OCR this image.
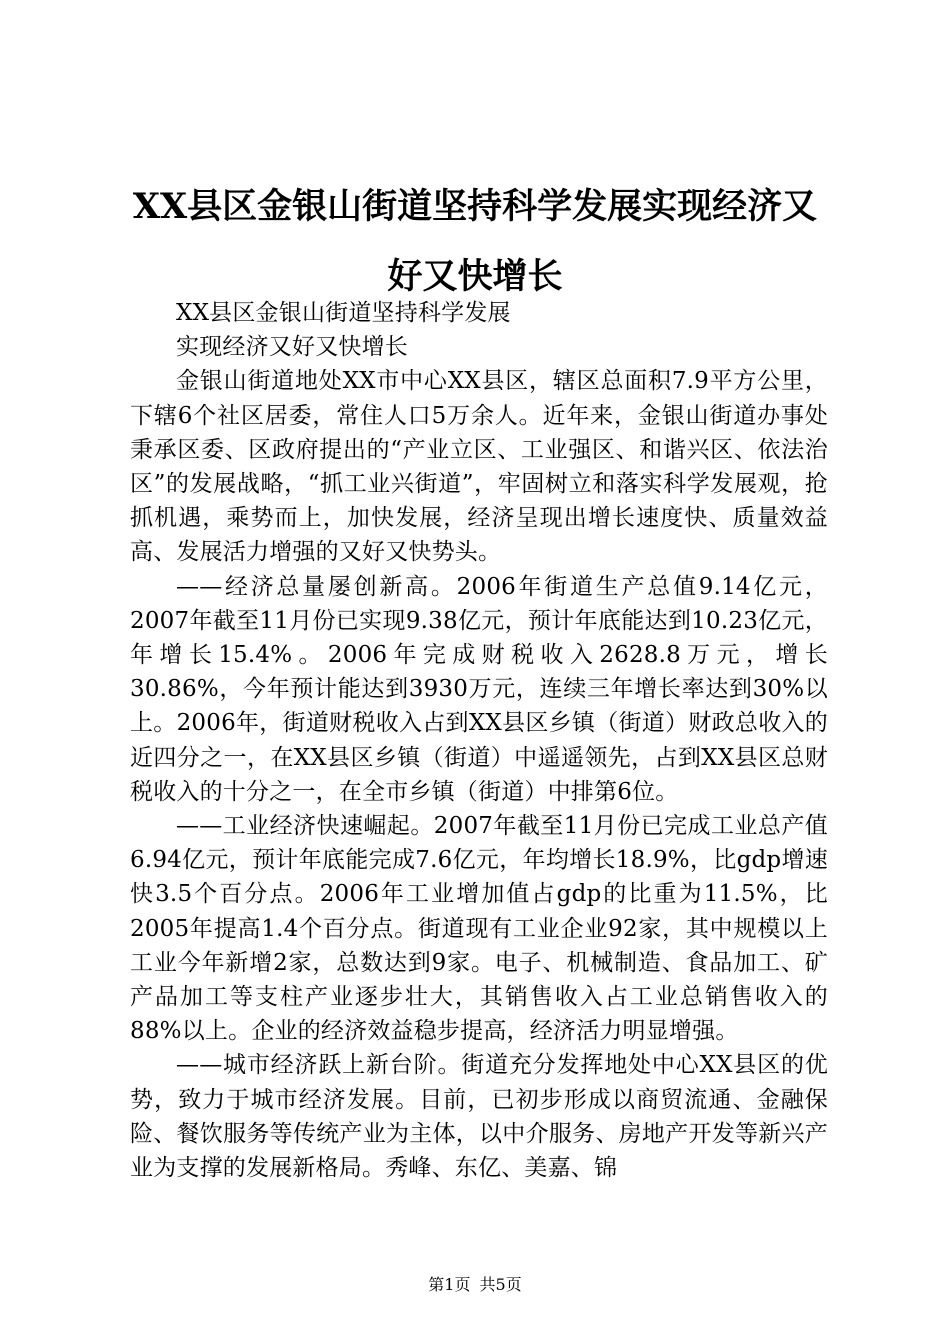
XX县区金银山街道坚持科学发展实现经济又
好又快增长

XX县区金银山街道坚持科学发展

实现经济又好又快增长

金银山街道地处XX市中心XX县区，辖区总面积7.9平方公里，下辖6个社区居委，常住人口5万余人。近年来，金银山街道办事处秉承区委、区政府提出的“产业立区、工业强区、和谐兴区、依法治区”的发展战略，“抓工业兴街道”，牢固树立和落实科学发展观，抢抓机遇，乘势而上，加快发展，经济呈现出增长速度快、质量效益高、发展活力增强的又好又快势头。

——经济总量屡创新高。2006年街道生产总值9.14亿元，2007年截至11月份已实现9.38亿元，预计年底能达到10.23亿元，年增长15.4%。2006年完成财税收入2628.8万元，增长30.86%，今年预计能达到3930万元，连续三年增长率达到30%以上。2006年，街道财税收入占到XX县区乡镇（街道）财政总收入的近四分之一，在XX县区乡镇（街道）中遥遥领先，占到XX县区总财税收入的十分之一，在全市乡镇（街道）中排第6位。

——工业经济快速崛起。2007年截至11月份已完成工业总产值6.94亿元，预计年底能完成7.6亿元，年均增长18.9%，比gdp增速快3.5个百分点。2006年工业增加值占gdp的比重为11.5%，比2005年提高1.4个百分点。街道现有工业企业92家，其中规模以上工业今年新增2家，总数达到9家。电子、机械制造、食品加工、矿产品加工等支柱产业逐步壮大，其销售收入占工业总销售收入的88%以上。企业的经济效益稳步提高，经济活力明显增强。

——城市经济跃上新台阶。街道充分发挥地处中心XX县区的优势，致力于城市经济发展。目前，已初步形成以商贸流通、金融保险、餐饮服务等传统产业为主体，以中介服务、房地产开发等新兴产业为支撑的发展新格局。秀峰、东亿、美嘉、锦

第1页 共5页
